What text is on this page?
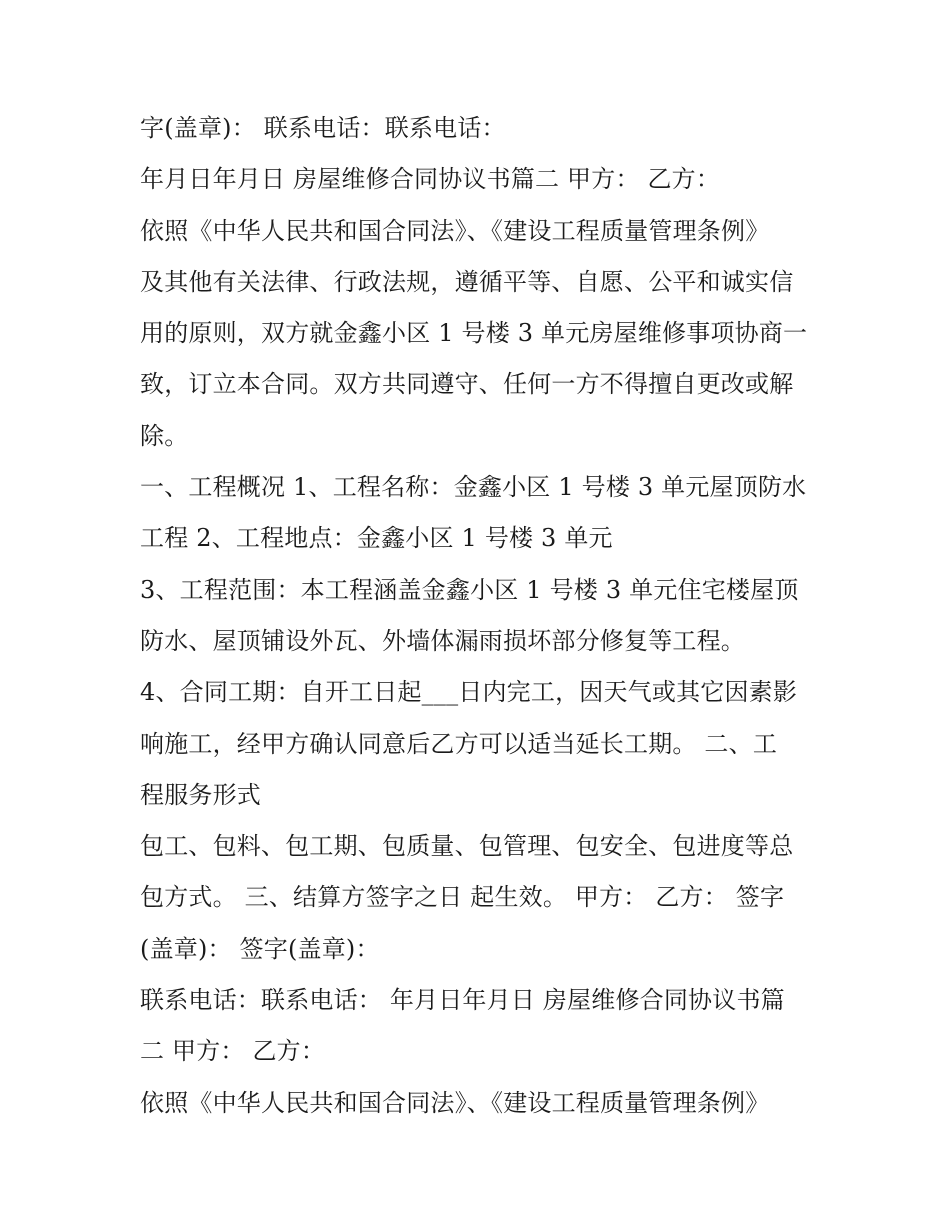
字(盖章)： 联系电话：联系电话：
年月日年月日 房屋维修合同协议书篇二 甲方： 乙方：
依照《中华人民共和国合同法》、《建设工程质量管理条例》
及其他有关法律、行政法规，遵循平等、自愿、公平和诚实信
用的原则，双方就金鑫小区 1 号楼 3 单元房屋维修事项协商一
致，订立本合同。双方共同遵守、任何一方不得擅自更改或解
除。
一、工程概况 1、工程名称：金鑫小区 1 号楼 3 单元屋顶防水
工程 2、工程地点：金鑫小区 1 号楼 3 单元
3、工程范围：本工程涵盖金鑫小区 1 号楼 3 单元住宅楼屋顶
防水、屋顶铺设外瓦、外墙体漏雨损坏部分修复等工程。
4、合同工期：自开工日起___日内完工，因天气或其它因素影
响施工，经甲方确认同意后乙方可以适当延长工期。 二、工
程服务形式
包工、包料、包工期、包质量、包管理、包安全、包进度等总
包方式。 三、结算方签字之日 起生效。 甲方： 乙方： 签字
(盖章)： 签字(盖章)：
联系电话：联系电话： 年月日年月日 房屋维修合同协议书篇
二 甲方： 乙方：
依照《中华人民共和国合同法》、《建设工程质量管理条例》
